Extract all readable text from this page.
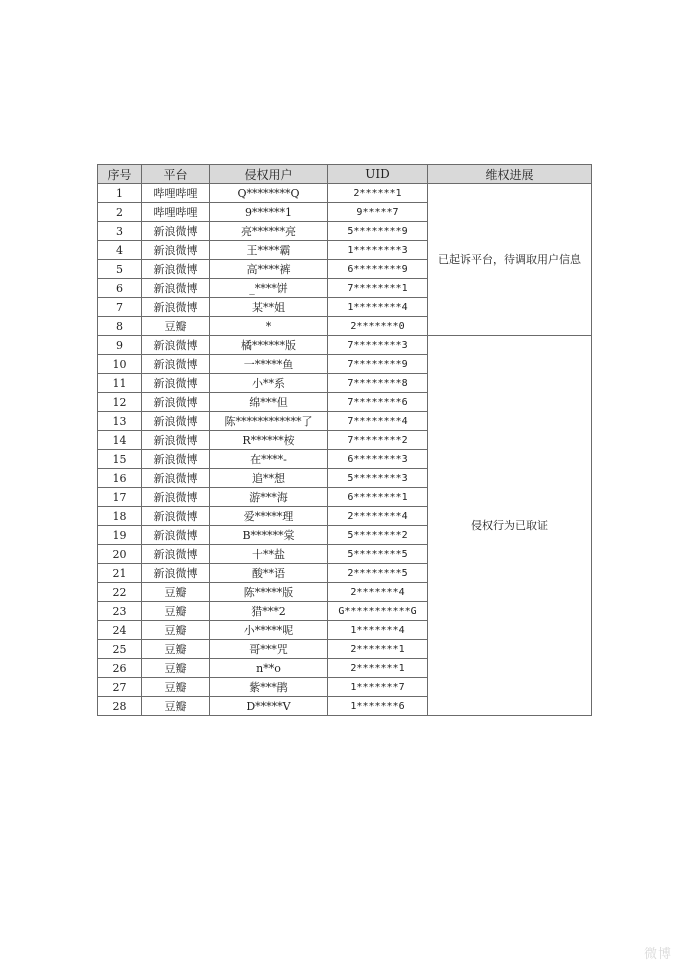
序号	平台	侵权用户	UID	维权进展
1	哔哩哔哩	Q********Q	2******1	已起诉平台，待调取用户信息
2	哔哩哔哩	9******1	9*****7	
3	新浪微博	亮******亮	5********9	
4	新浪微博	王****霸	1********3	
5	新浪微博	高****裤	6********9	
6	新浪微博	_****饼	7********1	
7	新浪微博	某**姐	1********4	
8	豆瓣	*	2*******0	
9	新浪微博	橘******版	7********3	侵权行为已取证
10	新浪微博	一*****鱼	7********9	
11	新浪微博	小**系	7********8	
12	新浪微博	绵***但	7********6	
13	新浪微博	陈************了	7********4	
14	新浪微博	R******桉	7********2	
15	新浪微博	在****-	6********3	
16	新浪微博	追**想	5********3	
17	新浪微博	游***海	6********1	
18	新浪微博	爱*****理	2********4	
19	新浪微博	B******棠	5********2	
20	新浪微博	十**盐	5********5	
21	新浪微博	酸**语	2********5	
22	豆瓣	陈*****版	2*******4	
23	豆瓣	猎***2	G***********G	
24	豆瓣	小*****呢	1*******4	
25	豆瓣	哥***咒	2*******1	
26	豆瓣	n**o	2*******1	
27	豆瓣	紫***鹃	1*******7	
28	豆瓣	D*****V	1*******6	
微博
